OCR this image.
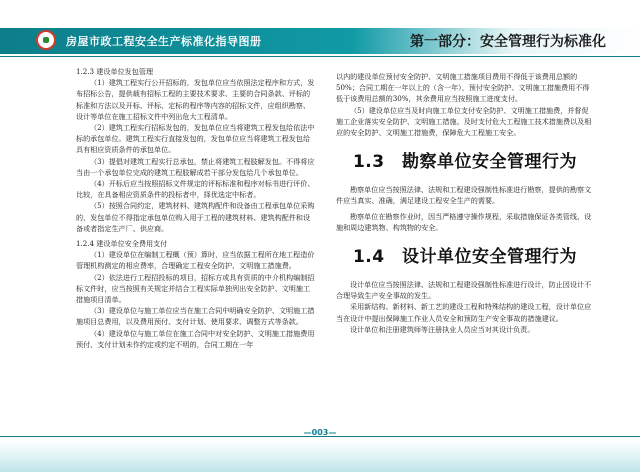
房屋市政工程安全生产标准化指导图册	第一部分：安全管理行为标准化

1.2.3 建设单位发包管理

（1）建筑工程实行公开招标的，发包单位应当依照法定程序和方式，发布招标公告，提供载有招标工程的主要技术要求、主要的合同条款、评标的标准和方法以及开标、评标、定标的程序等内容的招标文件，应组织勘察、设计等单位在施工招标文件中列出危大工程清单。

（2）建筑工程实行招标发包的，发包单位应当将建筑工程发包给依法中标的承包单位。建筑工程实行直接发包的，发包单位应当将建筑工程发包给具有相应资质条件的承包单位。

（3）提倡对建筑工程实行总承包，禁止将建筑工程肢解发包。不得将应当由一个承包单位完成的建筑工程肢解成若干部分发包给几个承包单位。

（4）开标后应当按照招标文件规定的评标标准和程序对标书进行评价、比较，在具备相应资质条件的投标者中，择优选定中标者。

（5）按照合同约定，建筑材料、建筑构配件和设备由工程承包单位采购的，发包单位不得指定承包单位购入用于工程的建筑材料、建筑构配件和设备或者指定生产厂、供应商。

1.2.4 建设单位安全费用支付

（1）建设单位在编制工程概（预）算时，应当依据工程所在地工程造价管理机构测定的相应费率，合理确定工程安全防护、文明施工措施费。

（2）依法进行工程招投标的项目，招标方或具有资质的中介机构编制招标文件时，应当按照有关规定并结合工程实际单独列出安全防护、文明施工措施项目清单。

（3）建设单位与施工单位应当在施工合同中明确安全防护、文明施工措施项目总费用，以及费用预付、支付计划、使用要求、调整方式等条款。

（4）建设单位与施工单位在施工合同中对安全防护、文明施工措施费用预付、支付计划未作约定或约定不明的，合同工期在一年

以内的建设单位预付安全防护、文明施工措施项目费用不得低于该费用总额的50%；合同工期在一年以上的（含一年），预付安全防护、文明施工措施费用不得低于该费用总额的30%，其余费用应当按照施工进度支付。

（5）建设单位应当及时向施工单位支付安全防护、文明施工措施费，并督促施工企业落实安全防护、文明施工措施。及时支付危大工程施工技术措施费以及相应的安全防护、文明施工措施费，保障危大工程施工安全。

1.3　勘察单位安全管理行为

勘察单位应当按照法律、法规和工程建设强制性标准进行勘察，提供的勘察文件应当真实、准确，满足建设工程安全生产的需要。

勘察单位在勘察作业时，因当严格遵守操作规程，采取措施保证各类管线、设施和周边建筑物、构筑物的安全。

1.4　设计单位安全管理行为

设计单位应当按照法律、法规和工程建设强制性标准进行设计，防止因设计不合理导致生产安全事故的发生。

采用新结构、新材料、新工艺的建设工程和特殊结构的建设工程，设计单位应当在设计中提出保障施工作业人员安全和预防生产安全事故的措施建议。

设计单位和注册建筑师等注册执业人员应当对其设计负责。

—003—
